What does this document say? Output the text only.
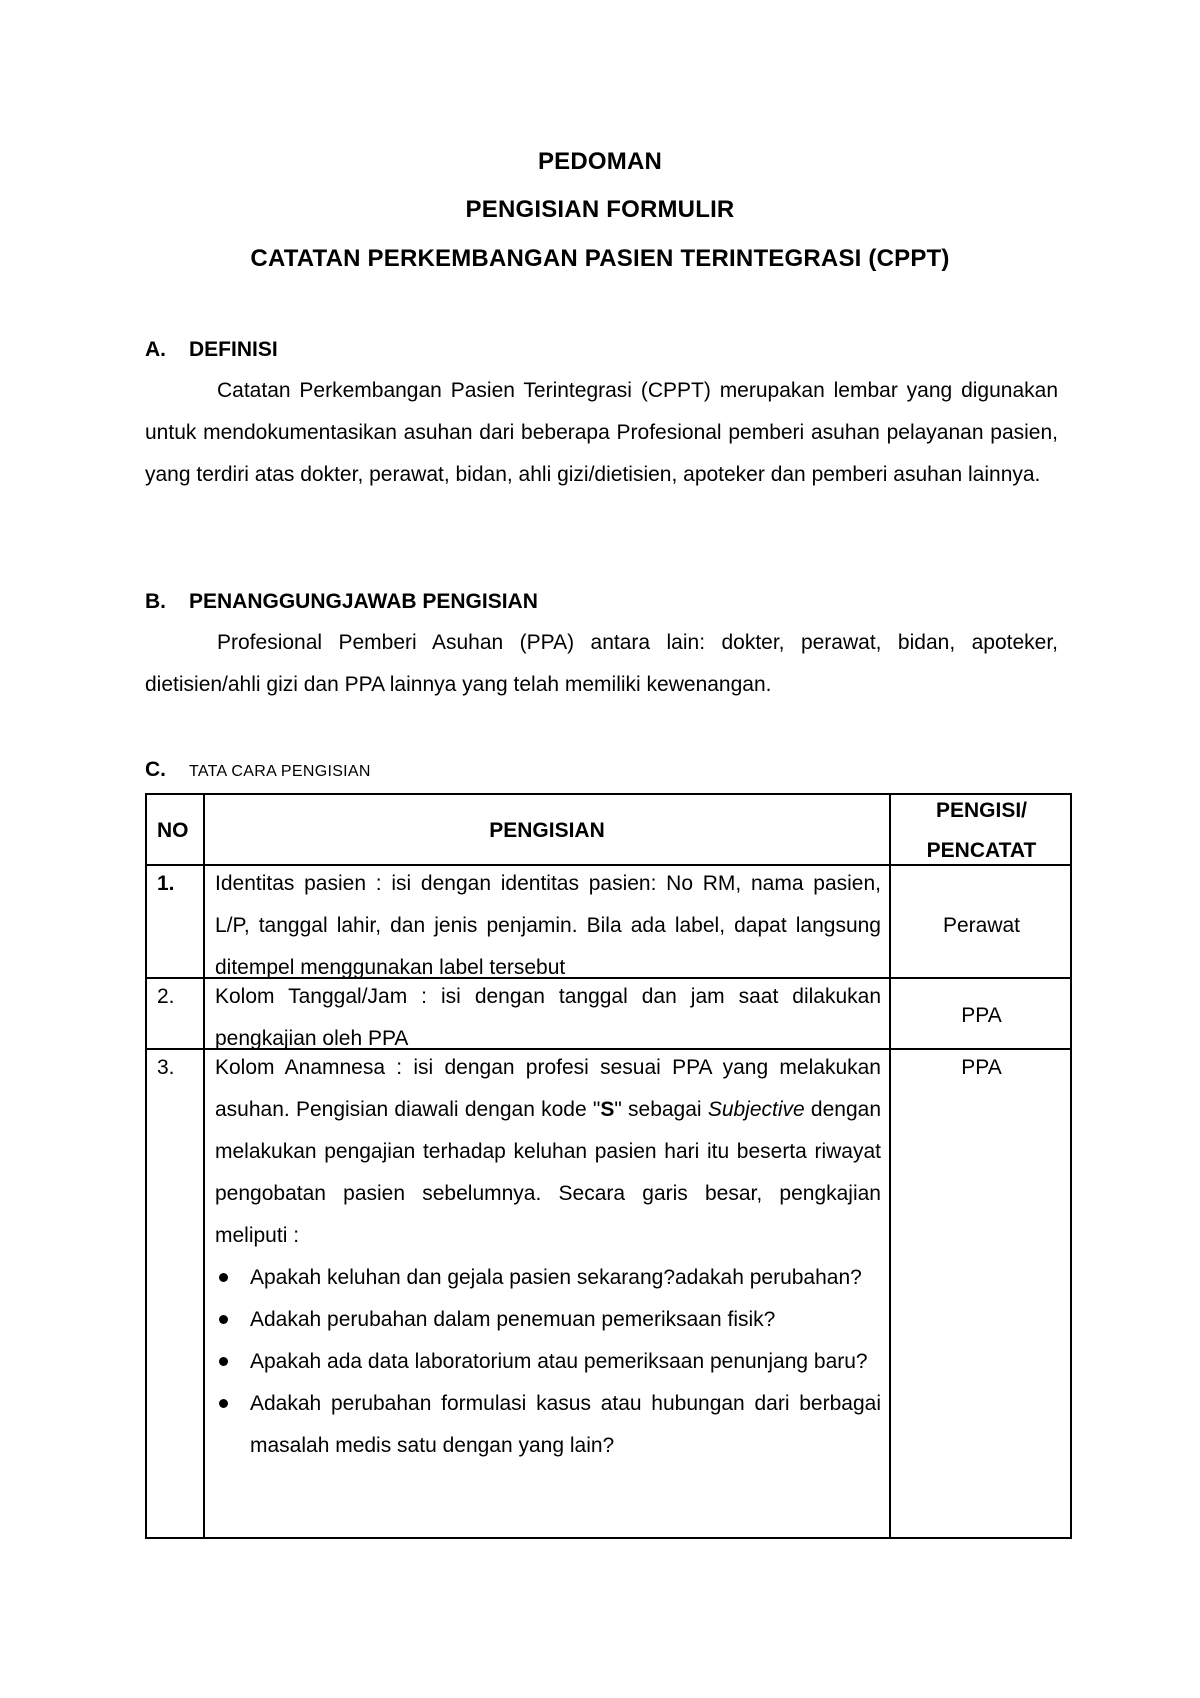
PEDOMAN
PENGISIAN FORMULIR
CATATAN PERKEMBANGAN PASIEN TERINTEGRASI (CPPT)
A. DEFINISI

Catatan Perkembangan Pasien Terintegrasi (CPPT) merupakan lembar yang digunakan untuk mendokumentasikan asuhan dari beberapa Profesional pemberi asuhan pelayanan pasien, yang terdiri atas dokter, perawat, bidan, ahli gizi/dietisien, apoteker dan pemberi asuhan lainnya.

B. PENANGGUNGJAWAB PENGISIAN

Profesional Pemberi Asuhan (PPA) antara lain: dokter, perawat, bidan, apoteker, dietisien/ahli gizi dan PPA lainnya yang telah memiliki kewenangan.

C. TATA CARA PENGISIAN
NO	PENGISIAN
PENGISI/
PENCATAT
1. Identitas pasien : isi dengan identitas pasien: No RM, nama pasien, L/P, tanggal lahir, dan jenis penjamin. Bila ada label, dapat langsung ditempel menggunakan label tersebut
Perawat
2. Kolom Tanggal/Jam : isi dengan tanggal dan jam saat dilakukan pengkajian oleh PPA
PPA
3. Kolom Anamnesa : isi dengan profesi sesuai PPA yang melakukan asuhan. Pengisian diawali dengan kode "S" sebagai Subjective dengan melakukan pengajian terhadap keluhan pasien hari itu beserta riwayat pengobatan pasien sebelumnya. Secara garis besar, pengkajian meliputi :
Apakah keluhan dan gejala pasien sekarang?adakah perubahan?
Adakah perubahan dalam penemuan pemeriksaan fisik?
Apakah ada data laboratorium atau pemeriksaan penunjang baru?
Adakah perubahan formulasi kasus atau hubungan dari berbagai masalah medis satu dengan yang lain?
PPA
